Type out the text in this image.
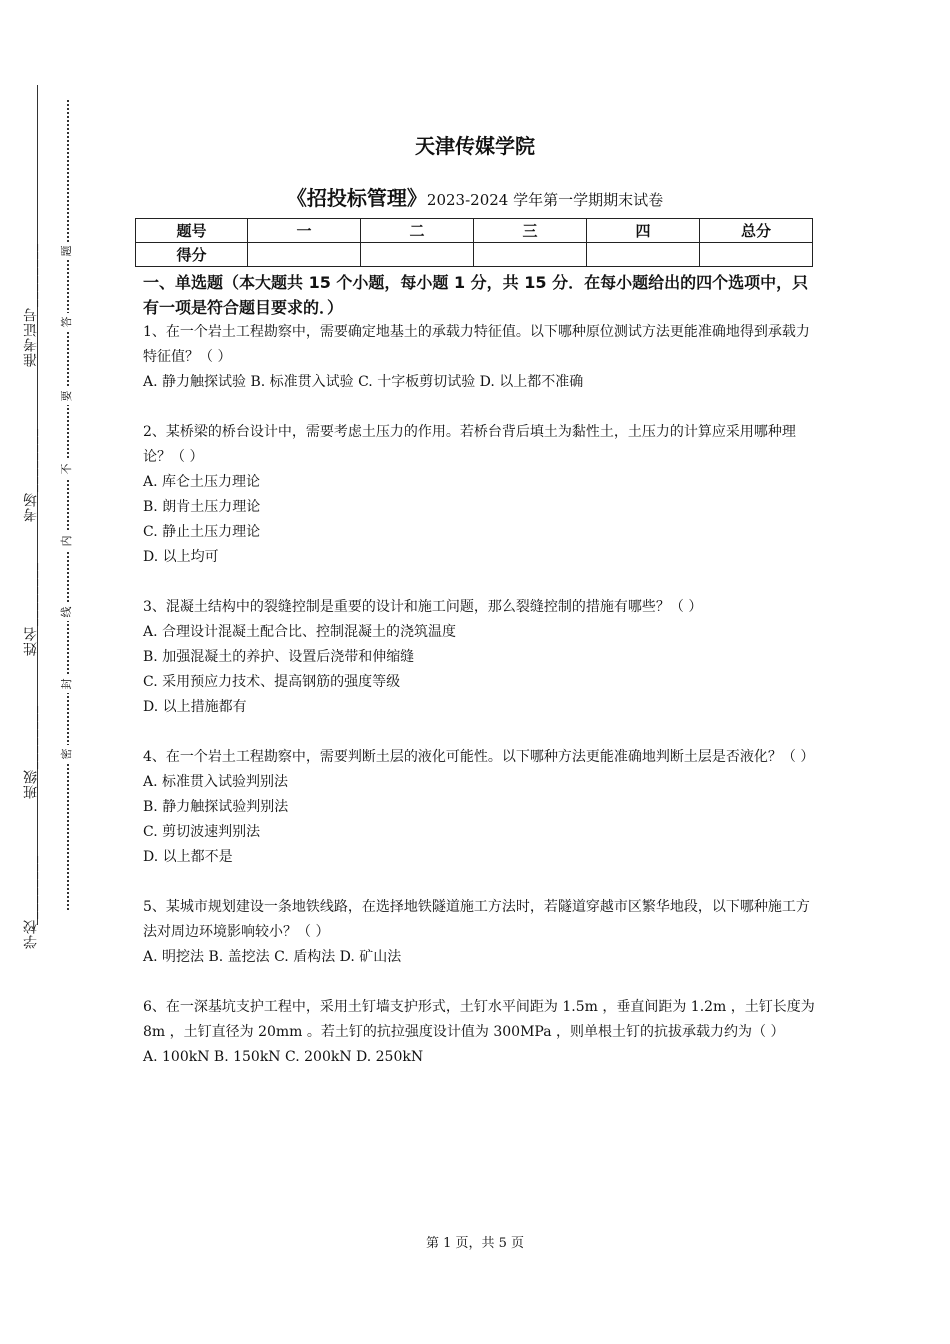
准考证号________
考场________
姓名________
班级________
学校________
题
答
要
不
内
线
封
密
天津传媒学院
《招投标管理》2023-2024 学年第一学期期末试卷
题号	一	二	三	四	总分
得分					
一、单选题（本大题共 15 个小题，每小题 1 分，共 15 分．在每小题给出的四个选项中，只有一项是符合题目要求的．）
1、在一个岩土工程勘察中，需要确定地基土的承载力特征值。以下哪种原位测试方法更能准确地得到承载力特征值？（ ）
A. 静力触探试验 B. 标准贯入试验 C. 十字板剪切试验 D. 以上都不准确
2、某桥梁的桥台设计中，需要考虑土压力的作用。若桥台背后填土为黏性土，土压力的计算应采用哪种理论？（ ）
A. 库仑土压力理论
B. 朗肯土压力理论
C. 静止土压力理论
D. 以上均可
3、混凝土结构中的裂缝控制是重要的设计和施工问题，那么裂缝控制的措施有哪些？（ ）
A. 合理设计混凝土配合比、控制混凝土的浇筑温度
B. 加强混凝土的养护、设置后浇带和伸缩缝
C. 采用预应力技术、提高钢筋的强度等级
D. 以上措施都有
4、在一个岩土工程勘察中，需要判断土层的液化可能性。以下哪种方法更能准确地判断土层是否液化？（ ）
A. 标准贯入试验判别法
B. 静力触探试验判别法
C. 剪切波速判别法
D. 以上都不是
5、某城市规划建设一条地铁线路，在选择地铁隧道施工方法时，若隧道穿越市区繁华地段，以下哪种施工方法对周边环境影响较小？（ ）
A. 明挖法 B. 盖挖法 C. 盾构法 D. 矿山法
6、在一深基坑支护工程中，采用土钉墙支护形式，土钉水平间距为 1.5m ，垂直间距为 1.2m ，土钉长度为 8m ，土钉直径为 20mm 。若土钉的抗拉强度设计值为 300MPa ，则单根土钉的抗拔承载力约为（ ）
A. 100kN B. 150kN C. 200kN D. 250kN
第 1 页，共 5 页
